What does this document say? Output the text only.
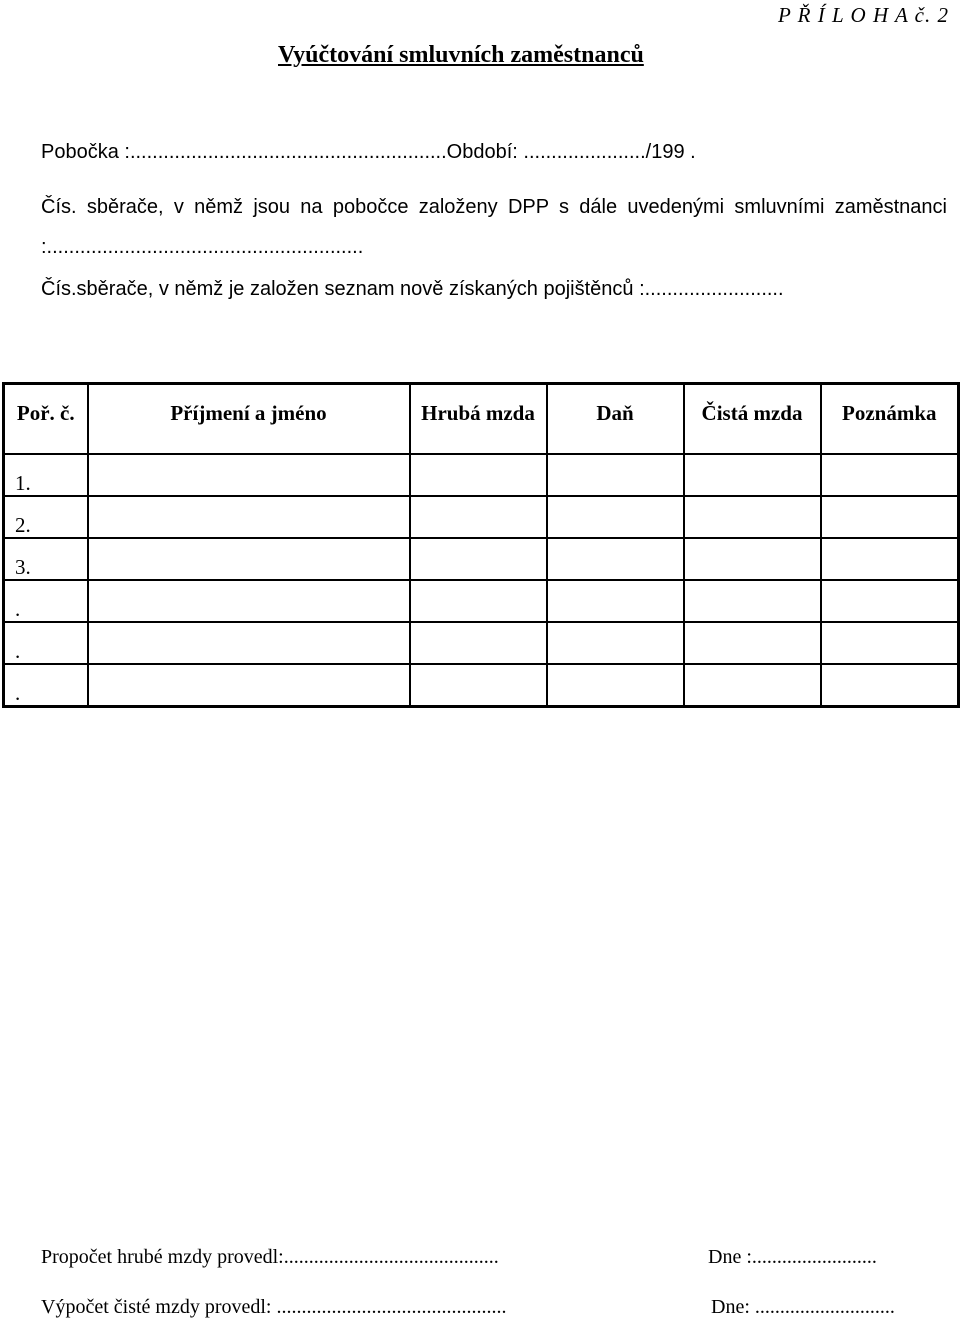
P Ř Í L O H A č. 2
Vyúčtování smluvních zaměstnanců
Pobočka :.........................................................Období: ....................../199 .
Čís. sběrače, v němž jsou na pobočce založeny DPP s dále uvedenými smluvními zaměstnanci :.........................................................
Čís.sběrače, v němž je založen seznam nově získaných pojištěnců :.........................
Poř. č.	Příjmení a jméno	Hrubá mzda	Daň	Čistá mzda	Poznámka
1.					
2.					
3.					
.					
.					
.					
Propočet hrubé mzdy provedl:...........................................	Dne :.........................
Výpočet čisté mzdy provedl: ..............................................	Dne: ............................
